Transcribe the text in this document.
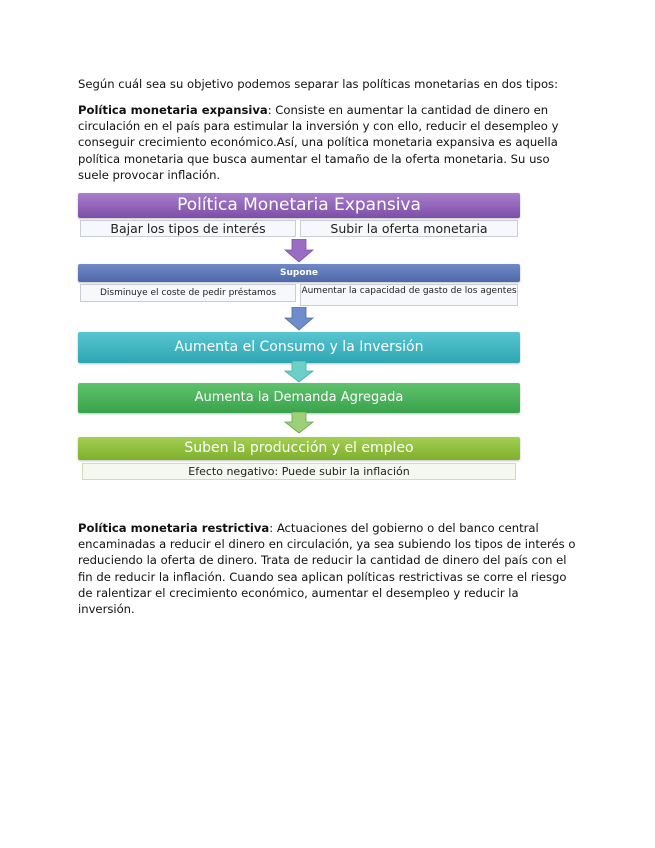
Según cuál sea su objetivo podemos separar las políticas monetarias en dos tipos:

Política monetaria expansiva: Consiste en aumentar la cantidad de dinero en circulación en el país para estimular la inversión y con ello, reducir el desempleo y conseguir crecimiento económico.Así, una política monetaria expansiva es aquella política monetaria que busca aumentar el tamaño de la oferta monetaria. Su uso suele provocar inflación.

Política Monetaria Expansiva
Bajar los tipos de interés	Subir la oferta monetaria
Supone
Disminuye el coste de pedir préstamos	Aumentar la capacidad de gasto de los agentes
Aumenta el Consumo y la Inversión
Aumenta la Demanda Agregada
Suben la producción y el empleo
Efecto negativo: Puede subir la inflación

Política monetaria restrictiva: Actuaciones del gobierno o del banco central encaminadas a reducir el dinero en circulación, ya sea subiendo los tipos de interés o reduciendo la oferta de dinero. Trata de reducir la cantidad de dinero del país con el fin de reducir la inflación. Cuando sea aplican políticas restrictivas se corre el riesgo de ralentizar el crecimiento económico, aumentar el desempleo y reducir la inversión.
